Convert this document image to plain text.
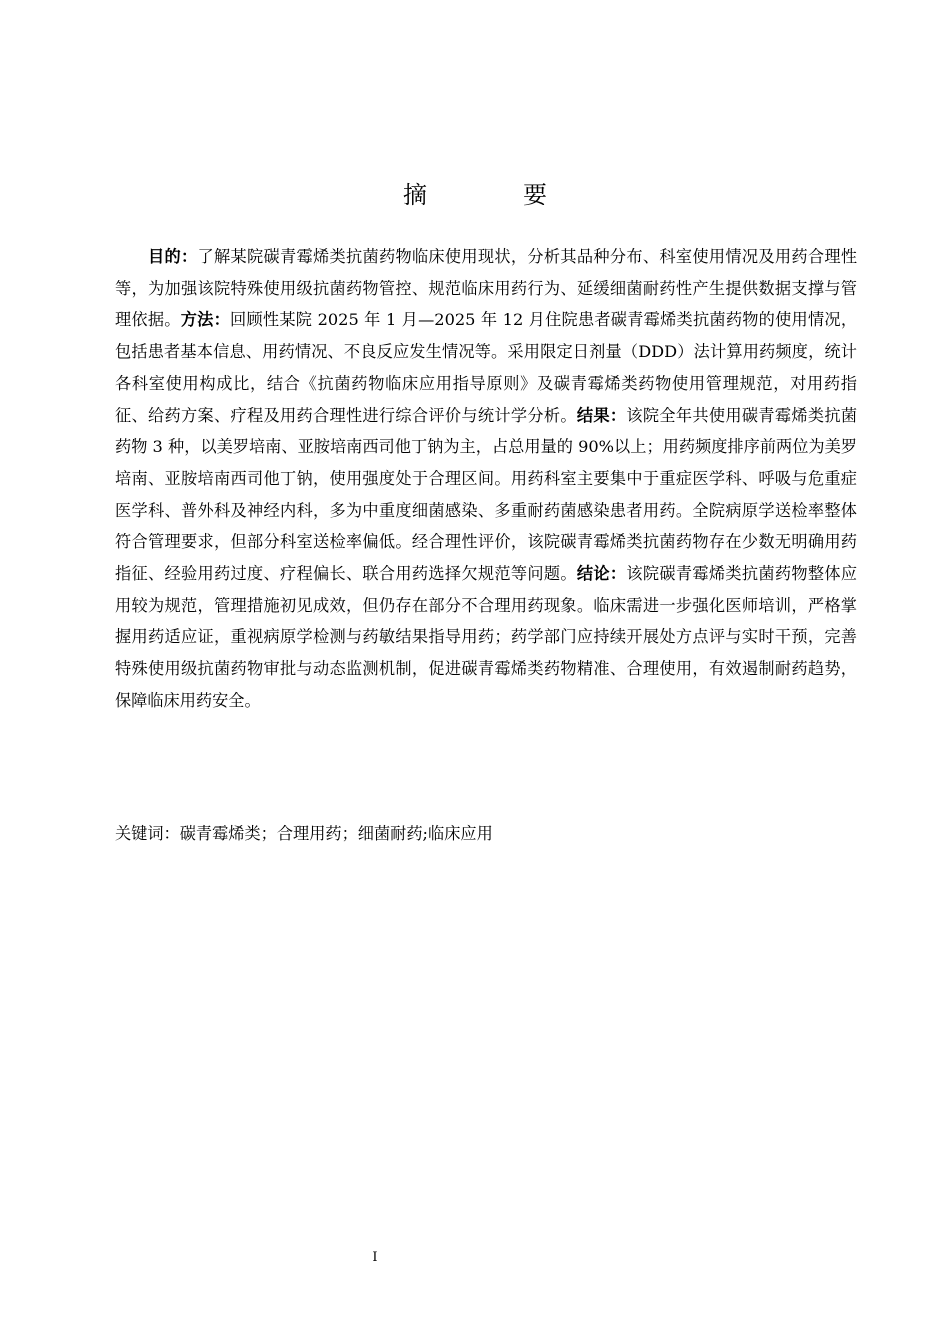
摘　要
目的：了解某院碳青霉烯类抗菌药物临床使用现状，分析其品种分布、科室使用情况及用药合理性等，为加强该院特殊使用级抗菌药物管控、规范临床用药行为、延缓细菌耐药性产生提供数据支撑与管理依据。方法：回顾性某院 2025 年 1 月—2025 年 12 月住院患者碳青霉烯类抗菌药物的使用情况，包括患者基本信息、用药情况、不良反应发生情况等。采用限定日剂量（DDD）法计算用药频度，统计各科室使用构成比，结合《抗菌药物临床应用指导原则》及碳青霉烯类药物使用管理规范，对用药指征、给药方案、疗程及用药合理性进行综合评价与统计学分析。结果：该院全年共使用碳青霉烯类抗菌药物 3 种，以美罗培南、亚胺培南西司他丁钠为主，占总用量的 90%以上；用药频度排序前两位为美罗培南、亚胺培南西司他丁钠，使用强度处于合理区间。用药科室主要集中于重症医学科、呼吸与危重症医学科、普外科及神经内科，多为中重度细菌感染、多重耐药菌感染患者用药。全院病原学送检率整体符合管理要求，但部分科室送检率偏低。经合理性评价，该院碳青霉烯类抗菌药物存在少数无明确用药指征、经验用药过度、疗程偏长、联合用药选择欠规范等问题。结论：该院碳青霉烯类抗菌药物整体应用较为规范，管理措施初见成效，但仍存在部分不合理用药现象。临床需进一步强化医师培训，严格掌握用药适应证，重视病原学检测与药敏结果指导用药；药学部门应持续开展处方点评与实时干预，完善特殊使用级抗菌药物审批与动态监测机制，促进碳青霉烯类药物精准、合理使用，有效遏制耐药趋势，保障临床用药安全。
关键词：碳青霉烯类；合理用药；细菌耐药;临床应用
I
